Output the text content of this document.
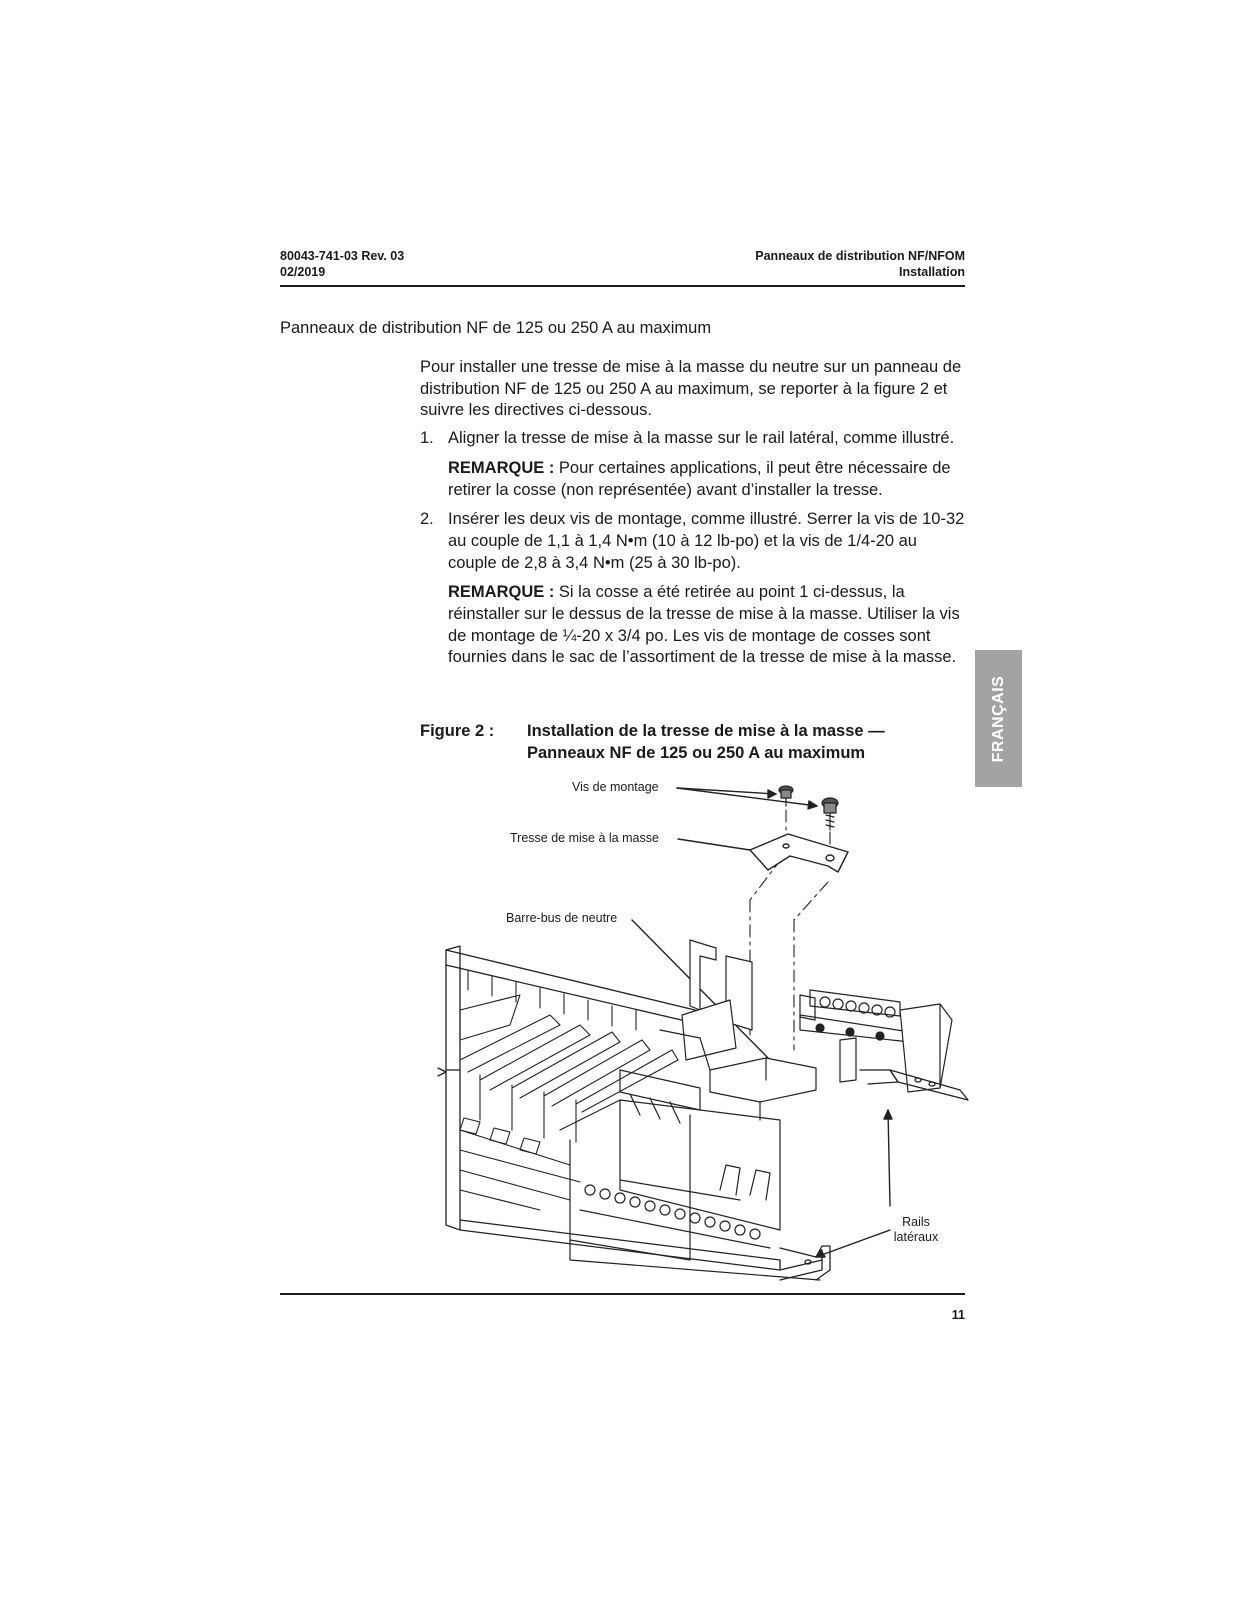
80043-741-03 Rev. 03
02/2019
Panneaux de distribution NF/NFOM
Installation
Panneaux de distribution NF de 125 ou 250 A au maximum

Pour installer une tresse de mise à la masse du neutre sur un panneau de distribution NF de 125 ou 250 A au maximum, se reporter à la figure 2 et suivre les directives ci-dessous.

1. Aligner la tresse de mise à la masse sur le rail latéral, comme illustré.

REMARQUE : Pour certaines applications, il peut être nécessaire de retirer la cosse (non représentée) avant d’installer la tresse.

2. Insérer les deux vis de montage, comme illustré. Serrer la vis de 10-32 au couple de 1,1 à 1,4 N•m (10 à 12 lb-po) et la vis de 1/4-20 au couple de 2,8 à 3,4 N•m (25 à 30 lb-po).

REMARQUE : Si la cosse a été retirée au point 1 ci-dessus, la réinstaller sur le dessus de la tresse de mise à la masse. Utiliser la vis de montage de ¼-20 x 3/4 po. Les vis de montage de cosses sont fournies dans le sac de l’assortiment de la tresse de mise à la masse.

Figure 2 : Installation de la tresse de mise à la masse — Panneaux NF de 125 ou 250 A au maximum	FRANÇAIS
Vis de montage
Tresse de mise à la masse
Barre-bus de neutre
Rails
latéraux
11
